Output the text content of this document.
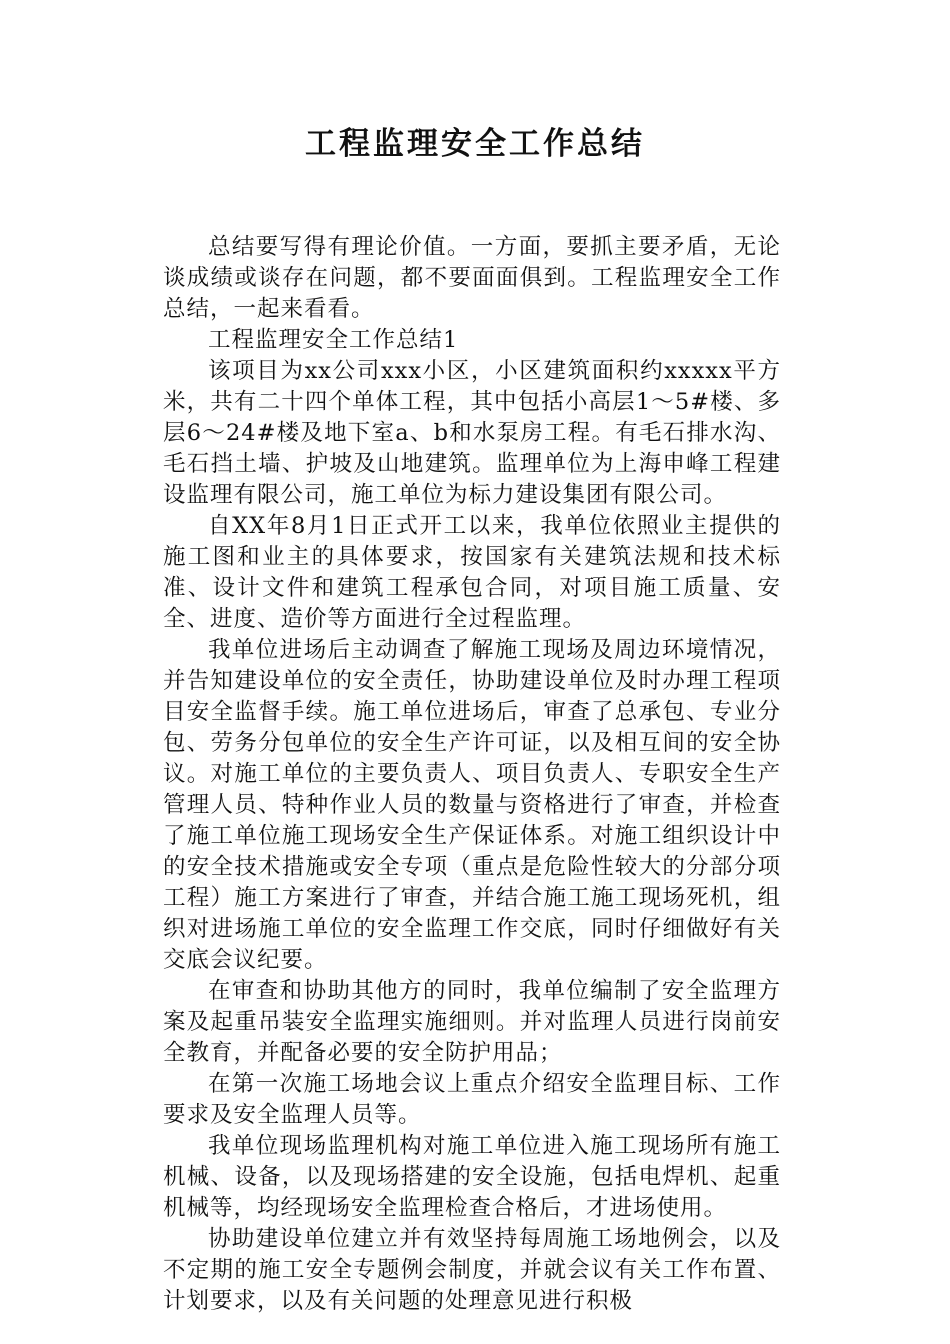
工程监理安全工作总结

总结要写得有理论价值。一方面，要抓主要矛盾，无论谈成绩或谈存在问题，都不要面面俱到。工程监理安全工作总结，一起来看看。

工程监理安全工作总结1

该项目为xx公司xxx小区，小区建筑面积约xxxxx平方米，共有二十四个单体工程，其中包括小高层1～5#楼、多层6～24#楼及地下室a、b和水泵房工程。有毛石排水沟、毛石挡土墙、护坡及山地建筑。监理单位为上海申峰工程建设监理有限公司，施工单位为标力建设集团有限公司。

自XX年8月1日正式开工以来，我单位依照业主提供的施工图和业主的具体要求，按国家有关建筑法规和技术标准、设计文件和建筑工程承包合同，对项目施工质量、安全、进度、造价等方面进行全过程监理。

我单位进场后主动调查了解施工现场及周边环境情况，并告知建设单位的安全责任，协助建设单位及时办理工程项目安全监督手续。施工单位进场后，审查了总承包、专业分包、劳务分包单位的安全生产许可证，以及相互间的安全协议。对施工单位的主要负责人、项目负责人、专职安全生产管理人员、特种作业人员的数量与资格进行了审查，并检查了施工单位施工现场安全生产保证体系。对施工组织设计中的安全技术措施或安全专项（重点是危险性较大的分部分项工程）施工方案进行了审查，并结合施工施工现场死机，组织对进场施工单位的安全监理工作交底，同时仔细做好有关交底会议纪要。

在审查和协助其他方的同时，我单位编制了安全监理方案及起重吊装安全监理实施细则。并对监理人员进行岗前安全教育，并配备必要的安全防护用品；

在第一次施工场地会议上重点介绍安全监理目标、工作要求及安全监理人员等。

我单位现场监理机构对施工单位进入施工现场所有施工机械、设备，以及现场搭建的安全设施，包括电焊机、起重机械等，均经现场安全监理检查合格后，才进场使用。

协助建设单位建立并有效坚持每周施工场地例会，以及不定期的施工安全专题例会制度，并就会议有关工作布置、计划要求，以及有关问题的处理意见进行积极
